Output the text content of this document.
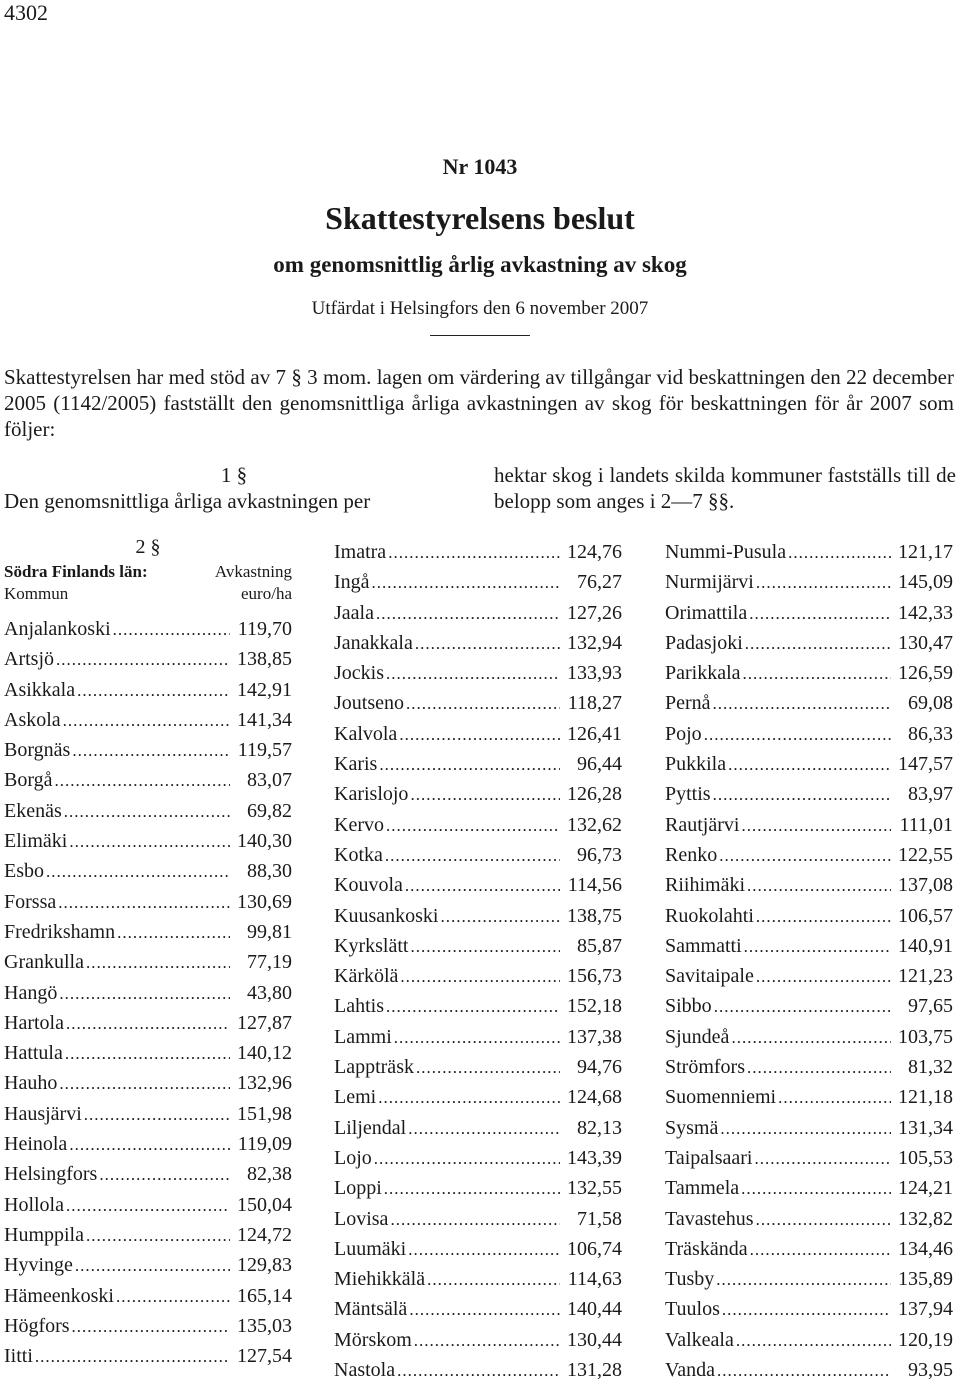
4302
Nr 1043
Skattestyrelsens beslut
om genomsnittlig årlig avkastning av skog
Utfärdat i Helsingfors den 6 november 2007
Skattestyrelsen har med stöd av 7 § 3 mom. lagen om värdering av tillgångar vid beskattningen den 22 december 2005 (1142/2005) fastställt den genomsnittliga årliga avkastningen av skog för beskattningen för år 2007 som följer:
1 §
Den genomsnittliga årliga avkastningen per
hektar skog i landets skilda kommuner fastställs till de belopp som anges i 2—7 §§.
2 §
Södra Finlands län:	Avkastning
Kommun	euro/ha
Anjalankoski .....	119,70
Artsjö .....	138,85
Asikkala .....	142,91
Askola .....	141,34
Borgnäs .....	119,57
Borgå .....	83,07
Ekenäs .....	69,82
Elimäki .....	140,30
Esbo .....	88,30
Forssa .....	130,69
Fredrikshamn .....	99,81
Grankulla .....	77,19
Hangö .....	43,80
Hartola .....	127,87
Hattula .....	140,12
Hauho .....	132,96
Hausjärvi .....	151,98
Heinola .....	119,09
Helsingfors .....	82,38
Hollola .....	150,04
Humppila .....	124,72
Hyvinge .....	129,83
Hämeenkoski .....	165,14
Högfors .....	135,03
Iitti .....	127,54
Imatra .....	124,76
Ingå .....	76,27
Jaala .....	127,26
Janakkala .....	132,94
Jockis .....	133,93
Joutseno .....	118,27
Kalvola .....	126,41
Karis .....	96,44
Karislojo .....	126,28
Kervo .....	132,62
Kotka .....	96,73
Kouvola .....	114,56
Kuusankoski .....	138,75
Kyrkslätt .....	85,87
Kärkölä .....	156,73
Lahtis .....	152,18
Lammi .....	137,38
Lappträsk .....	94,76
Lemi .....	124,68
Liljendal .....	82,13
Lojo .....	143,39
Loppi .....	132,55
Lovisa .....	71,58
Luumäki .....	106,74
Miehikkälä .....	114,63
Mäntsälä .....	140,44
Mörskom .....	130,44
Nastola .....	131,28
Nummi-Pusula .....	121,17
Nurmijärvi .....	145,09
Orimattila .....	142,33
Padasjoki .....	130,47
Parikkala .....	126,59
Pernå .....	69,08
Pojo .....	86,33
Pukkila .....	147,57
Pyttis .....	83,97
Rautjärvi .....	111,01
Renko .....	122,55
Riihimäki .....	137,08
Ruokolahti .....	106,57
Sammatti .....	140,91
Savitaipale .....	121,23
Sibbo .....	97,65
Sjundeå .....	103,75
Strömfors .....	81,32
Suomenniemi .....	121,18
Sysmä .....	131,34
Taipalsaari .....	105,53
Tammela .....	124,21
Tavastehus .....	132,82
Träskända .....	134,46
Tusby .....	135,89
Tuulos .....	137,94
Valkeala .....	120,19
Vanda .....	93,95
